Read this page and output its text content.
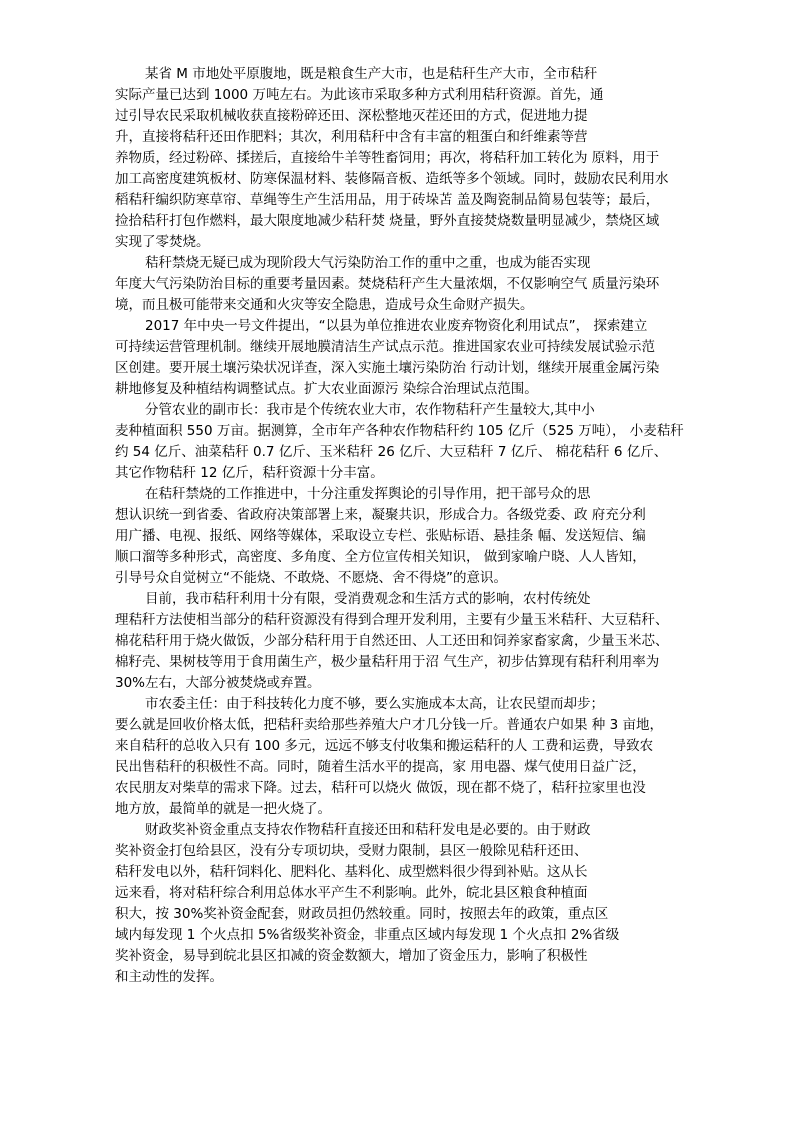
某省 M 市地处平原腹地，既是粮食生产大市，也是秸秆生产大市，全市秸秆
实际产量已达到 1000 万吨左右。为此该市采取多种方式利用秸秆资源。首先，通
过引导农民采取机械收获直接粉碎还田、深松整地灭茬还田的方式，促进地力提
升，直接将秸秆还田作肥料；其次，利用秸秆中含有丰富的粗蛋白和纤维素等营
养物质，经过粉碎、揉搓后，直接给牛羊等牲畜饲用；再次，将秸秆加工转化为 原料，用于
加工高密度建筑板材、防寒保温材料、装修隔音板、造纸等多个领域。同时，鼓励农民利用水
稻秸秆编织防寒草帘、草绳等生产生活用品，用于砖垛苫 盖及陶瓷制品简易包装等；最后，
捡拾秸秆打包作燃料，最大限度地减少秸秆焚 烧量，野外直接焚烧数量明显减少，禁烧区域
实现了零焚烧。
秸秆禁烧无疑已成为现阶段大气污染防治工作的重中之重，也成为能否实现
年度大气污染防治目标的重要考量因素。焚烧秸秆产生大量浓烟，不仅影响空气 质量污染环
境，而且极可能带来交通和火灾等安全隐患，造成号众生命财产损失。
2017 年中央一号文件提出，“以县为单位推进农业废弃物资化利用试点”， 探索建立
可持续运营管理机制。继续开展地膜清洁生产试点示范。推进国家农业可持续发展试验示范
区创建。要开展土壤污染状况详查，深入实施土壤污染防治 行动计划，继续开展重金属污染
耕地修复及种植结构调整试点。扩大农业面源污 染综合治理试点范围。
分管农业的副市长：我市是个传统农业大市，农作物秸秆产生量较大,其中小
麦种植面积 550 万亩。据测算，全市年产各种农作物秸秆约 105 亿斤（525 万吨）， 小麦秸秆
约 54 亿斤、油菜秸秆 0.7 亿斤、玉米秸秆 26 亿斤、大豆秸秆 7 亿斤、 棉花秸秆 6 亿斤、
其它作物秸秆 12 亿斤，秸秆资源十分丰富。
在秸秆禁烧的工作推进中，十分注重发挥舆论的引导作用，把干部号众的思
想认识统一到省委、省政府决策部署上来，凝聚共识，形成合力。各级党委、政 府充分利
用广播、电视、报纸、网络等媒体，采取设立专栏、张贴标语、悬挂条 幅、发送短信、编
顺口溜等多种形式，高密度、多角度、全方位宣传相关知识， 做到家喻户晓、人人皆知，
引导号众自觉树立“不能烧、不敢烧、不愿烧、舍不得烧”的意识。
目前，我市秸秆利用十分有限，受消费观念和生活方式的影响，农村传统处
理秸秆方法使相当部分的秸秆资源没有得到合理开发利用，主要有少量玉米秸秆、大豆秸秆、
棉花秸秆用于烧火做饭，少部分秸秆用于自然还田、人工还田和饲养家畜家禽，少量玉米芯、
棉籽壳、果树枝等用于食用菌生产，极少量秸秆用于沼 气生产，初步估算现有秸秆利用率为
30%左右，大部分被焚烧或弃置。
市农委主任：由于科技转化力度不够，要么实施成本太高，让农民望而却步；
要么就是回收价格太低，把秸秆卖给那些养殖大户才几分钱一斤。普通农户如果 种 3 亩地，
来自秸秆的总收入只有 100 多元，远远不够支付收集和搬运秸秆的人 工费和运费，导致农
民出售秸秆的积极性不高。同时，随着生活水平的提高，家 用电器、煤气使用日益广泛，
农民朋友对柴草的需求下降。过去，秸秆可以烧火 做饭，现在都不烧了，秸秆拉家里也没
地方放，最简单的就是一把火烧了。
财政奖补资金重点支持农作物秸秆直接还田和秸秆发电是必要的。由于财政
奖补资金打包给县区，没有分专项切块，受财力限制，县区一般除见秸秆还田、
秸秆发电以外，秸秆饲料化、肥料化、基料化、成型燃料很少得到补贴。这从长
远来看，将对秸秆综合利用总体水平产生不利影响。此外，皖北县区粮食种植面
积大，按 30%奖补资金配套，财政员担仍然较重。同时，按照去年的政策，重点区
域内每发现 1 个火点扣 5%省级奖补资金，非重点区域内每发现 1 个火点扣 2%省级
奖补资金，易导到皖北县区扣减的资金数额大，增加了资金压力，影响了积极性
和主动性的发挥。
